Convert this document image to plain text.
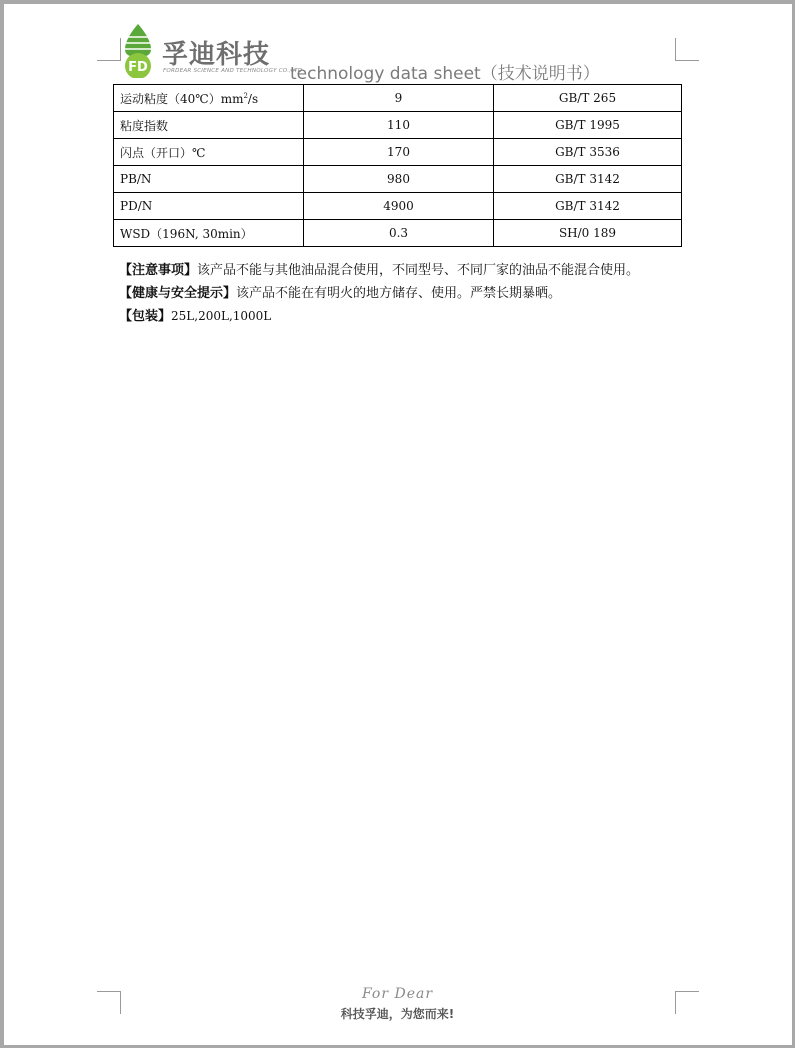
FD 孚迪科技
FORDEAR SCIENCE AND TECHNOLOGY CO.,LTD
technology data sheet（技术说明书）
运动粘度$(40℃)mm^2/s$	9	GB/T 265
粘度指数	110	GB/T 1995
闪点（开口）℃	170	GB/T 3536
PB/N	980	GB/T 3142
PD/N	4900	GB/T 3142
WSD（196N, 30min）	0.3	SH/0 189
【注意事项】该产品不能与其他油品混合使用，不同型号、不同厂家的油品不能混合使用。
【健康与安全提示】该产品不能在有明火的地方储存、使用。严禁长期暴晒。
【包装】25L,200L,1000L
For Dear
科技孚迪，为您而来!
